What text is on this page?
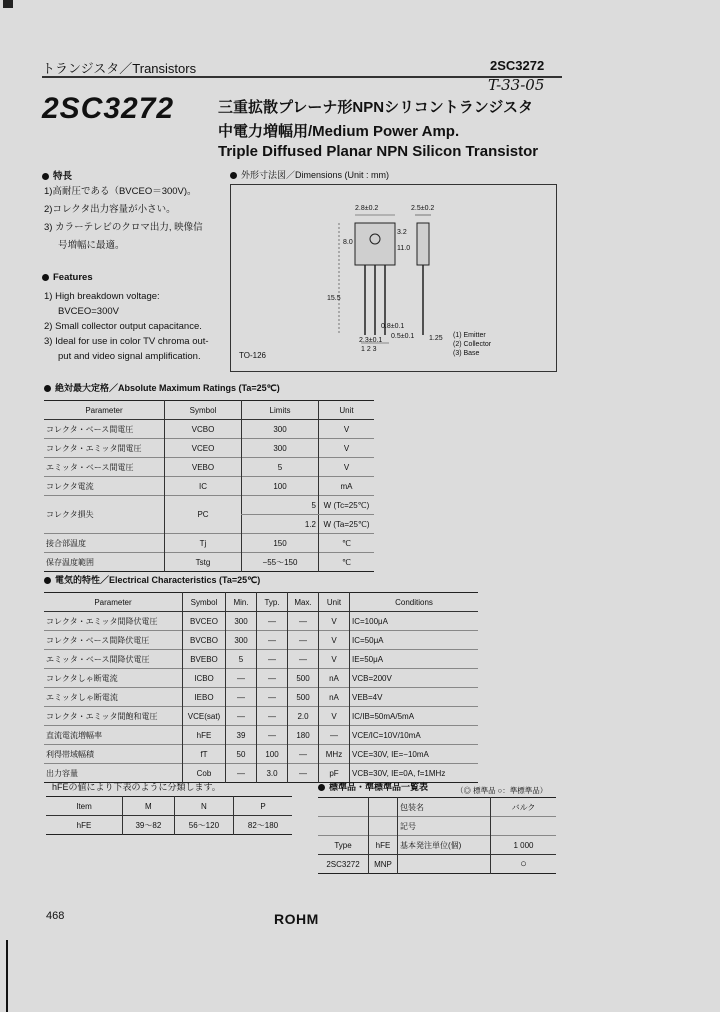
トランジスタ／Transistors	2SC3272
T-33-05
2SC3272	三重拡散プレーナ形NPNシリコントランジスタ
中電力増幅用/Medium Power Amp.
Triple Diffused Planar NPN Silicon Transistor
特長
1)高耐圧である（BVCEO＝300V)。
2)コレクタ出力容量が小さい。
3) カラーテレビのクロマ出力, 映像信
号増幅に最適。
Features
1) High breakdown voltage:
BVCEO=300V
2) Small collector output capacitance.
3) Ideal for use in color TV chroma out-
put and video signal amplification.
外形寸法図／Dimensions (Unit : mm)
2.8±0.2	2.5±0.2
8.0
3.2
11.0
15.5
0.8±0.1
0.5±0.1
2.3±0.1	1.25
1 2 3
TO-126
(1) Emitter
(2) Collector
(3) Base
絶対最大定格／Absolute Maximum Ratings (Ta=25℃)
Parameter	Symbol	Limits	Unit
コレクタ・ベース間電圧	VCBO	300	V
コレクタ・エミッタ間電圧	VCEO	300	V
エミッタ・ベース間電圧	VEBO	5	V
コレクタ電流	IC	100	mA
コレクタ損失	PC	5	W (Tc=25℃)
		1.2	W (Ta=25℃)
接合部温度	Tj	150	℃
保存温度範囲	Tstg	−55〜150	℃
電気的特性／Electrical Characteristics (Ta=25℃)
Parameter	Symbol	Min.	Typ.	Max.	Unit	Conditions
コレクタ・エミッタ間降伏電圧	BVCEO	300	—	—	V	IC=100μA
コレクタ・ベース間降伏電圧	BVCBO	300	—	—	V	IC=50μA
エミッタ・ベース間降伏電圧	BVEBO	5	—	—	V	IE=50μA
コレクタしゃ断電流	ICBO	—	—	500	nA	VCB=200V
エミッタしゃ断電流	IEBO	—	—	500	nA	VEB=4V
コレクタ・エミッタ間飽和電圧	VCE(sat)	—	—	2.0	V	IC/IB=50mA/5mA
直流電流増幅率	hFE	39	—	180	—	VCE/IC=10V/10mA
利得帯域幅積	fT	50	100	—	MHz	VCE=30V, IE=−10mA
出力容量	Cob	—	3.0	—	pF	VCB=30V, IE=0A, f=1MHz
hFEの値により下表のように分類します。
Item	M	N	P
hFE	39〜82	56〜120	82〜180
標準品・準標準品一覧表	（◎ 標準品 ○：準標準品）
		包装名	バルク
		記号	
Type	hFE	基本発注単位(個)	1 000
2SC3272	MNP		○
468	ROHM
